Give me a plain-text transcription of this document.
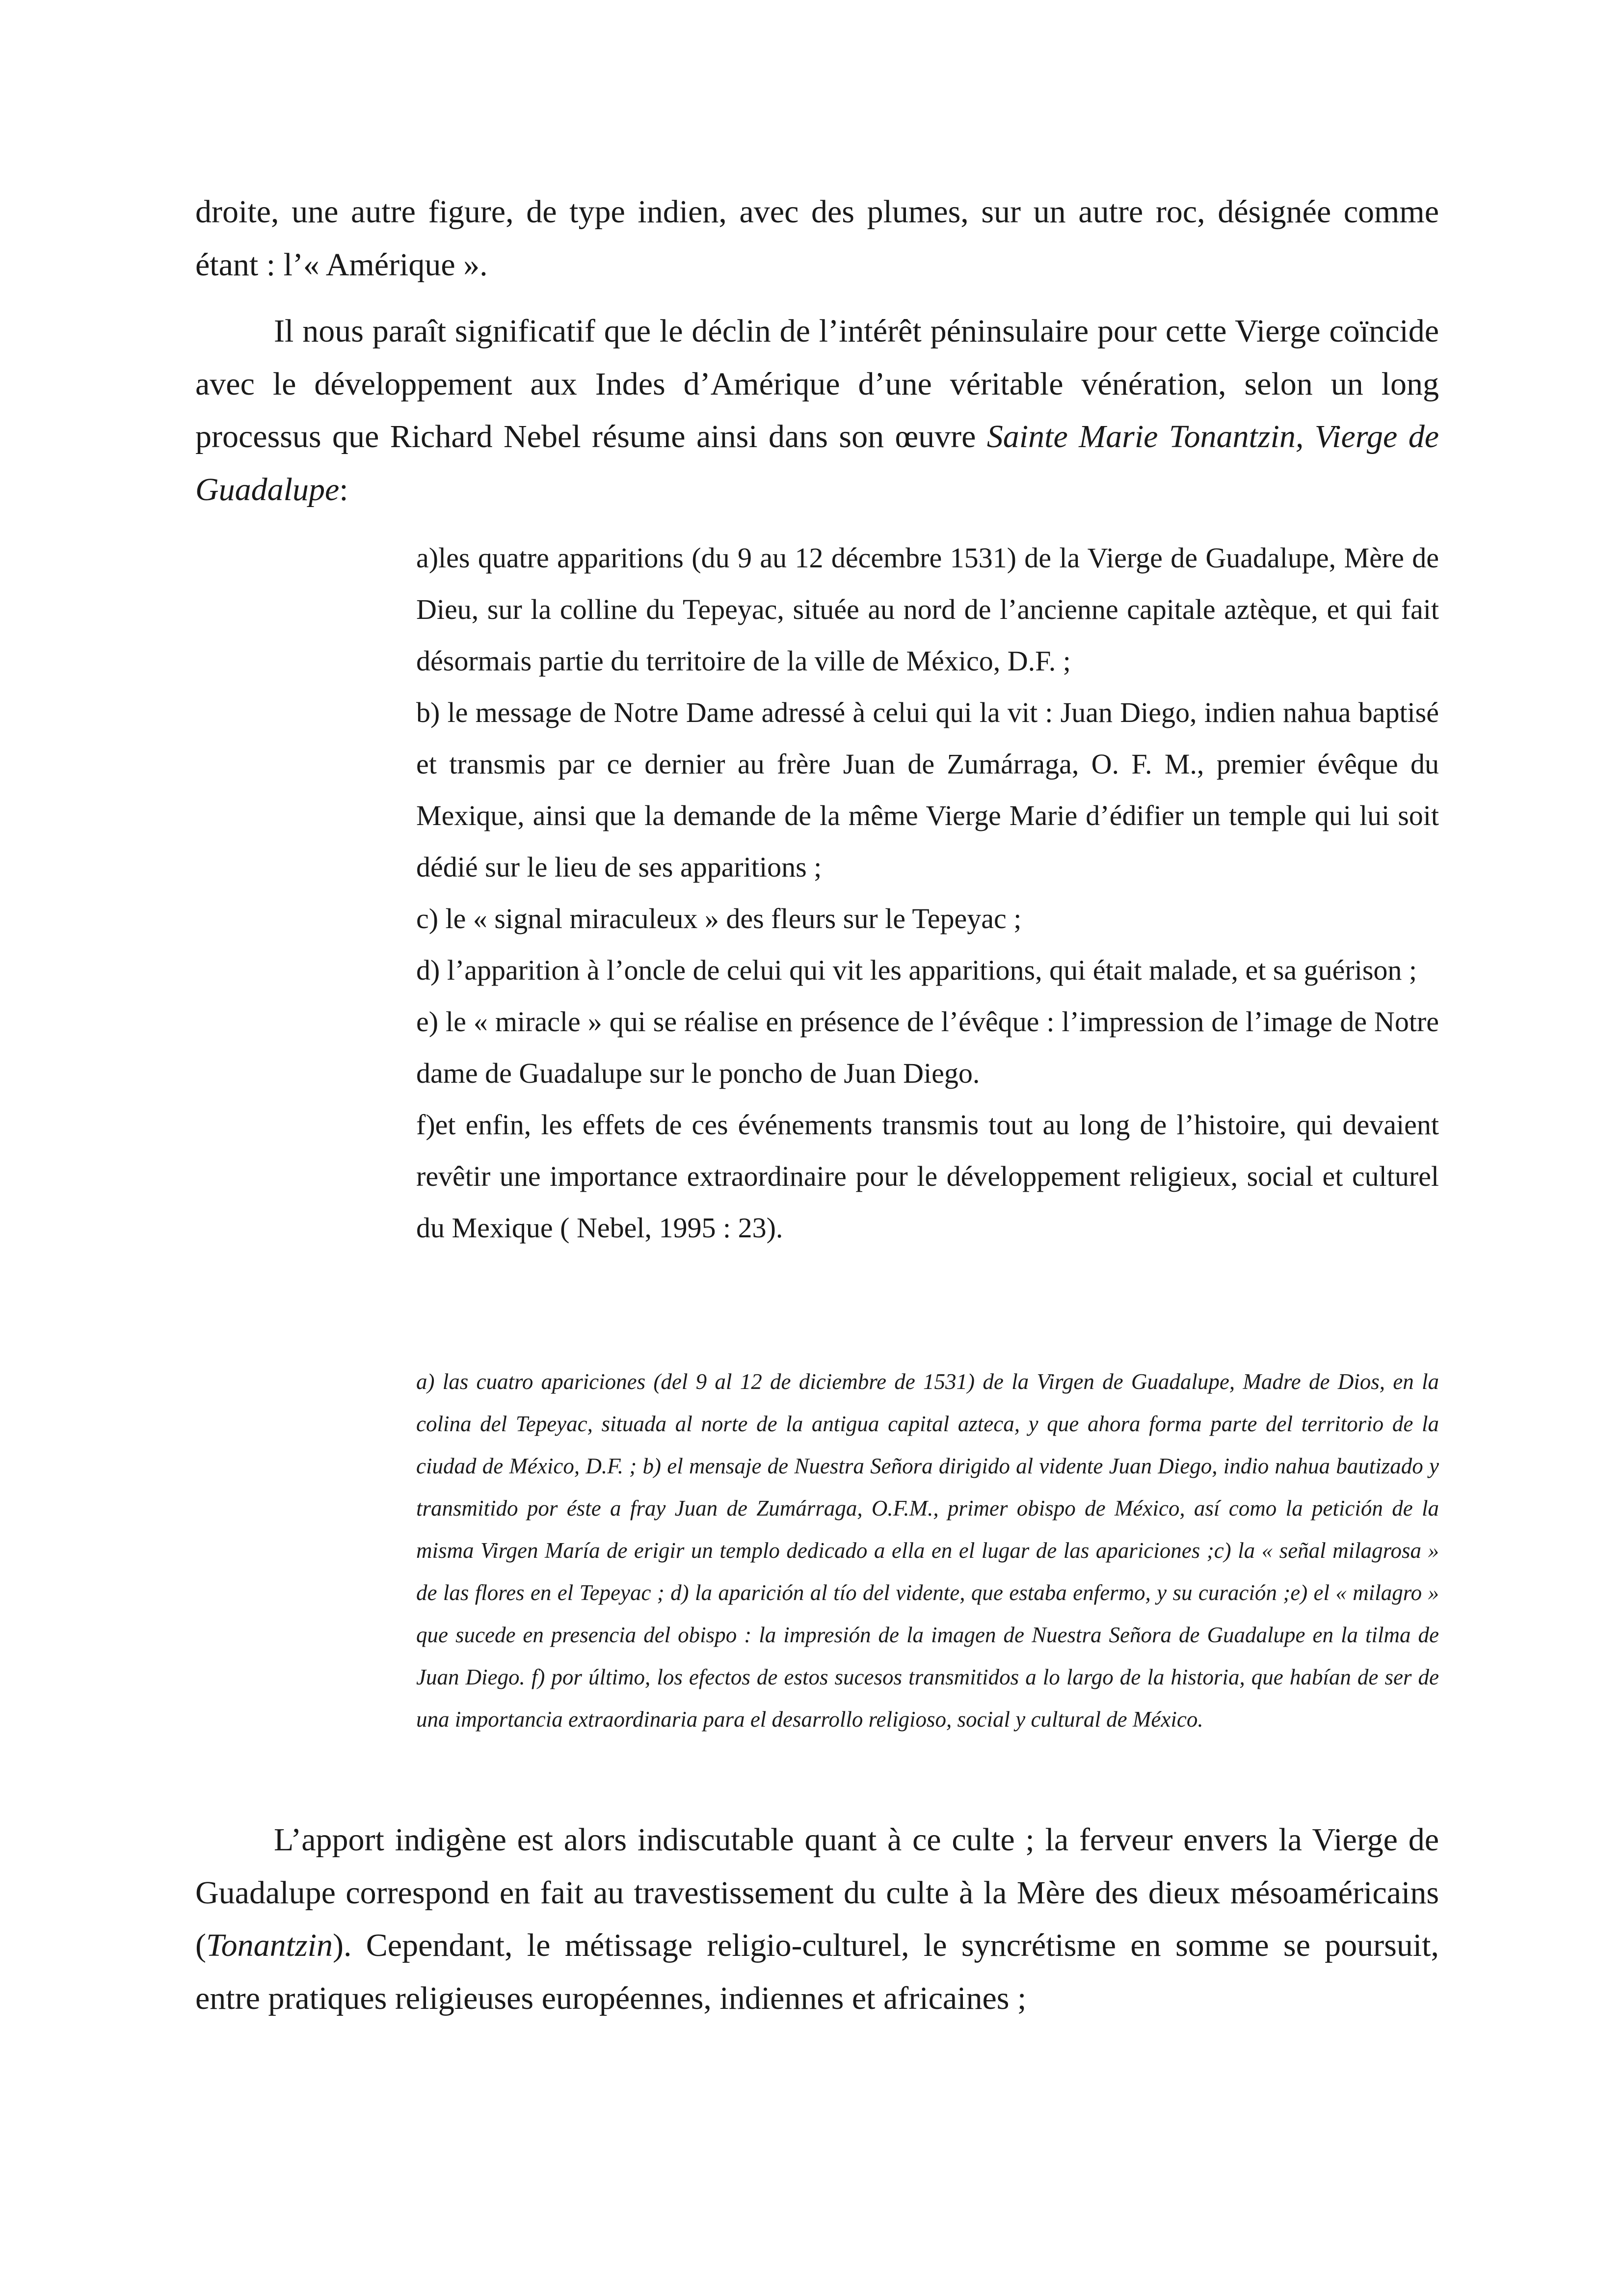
droite, une autre figure, de type indien, avec des plumes, sur un autre roc, désignée comme étant : l’« Amérique ».

Il nous paraît significatif que le déclin de l’intérêt péninsulaire pour cette Vierge coïncide avec le développement aux Indes d’Amérique d’une véritable vénération, selon un long processus que Richard Nebel résume ainsi dans son œuvre Sainte Marie Tonantzin, Vierge de Guadalupe:

a)les quatre apparitions (du 9 au 12 décembre 1531) de la Vierge de Guadalupe, Mère de Dieu, sur la colline du Tepeyac, située au nord de l’ancienne capitale aztèque, et qui fait désormais partie du territoire de la ville de México, D.F. ;

b) le message de Notre Dame adressé à celui qui la vit : Juan Diego, indien nahua baptisé et transmis par ce dernier au frère Juan de Zumárraga, O. F. M., premier évêque du Mexique, ainsi que la demande de la même Vierge Marie d’édifier un temple qui lui soit dédié sur le lieu de ses apparitions ;

c) le « signal miraculeux » des fleurs sur le Tepeyac ;

d) l’apparition à l’oncle de celui qui vit les apparitions, qui était malade, et sa guérison ;

e) le « miracle » qui se réalise en présence de l’évêque : l’impression de l’image de Notre dame de Guadalupe sur le poncho de Juan Diego.

f)et enfin, les effets de ces événements transmis tout au long de l’histoire, qui devaient revêtir une importance extraordinaire pour le développement religieux, social et culturel du Mexique ( Nebel, 1995 : 23).

a) las cuatro apariciones (del 9 al 12 de diciembre de 1531) de la Virgen de Guadalupe, Madre de Dios, en la colina del Tepeyac, situada al norte de la antigua capital azteca, y que ahora forma parte del territorio de la ciudad de México, D.F. ; b) el mensaje de Nuestra Señora dirigido al vidente Juan Diego, indio nahua bautizado y transmitido por éste a fray Juan de Zumárraga, O.F.M., primer obispo de México, así como la petición de la misma Virgen María de erigir un templo dedicado a ella en el lugar de las apariciones ;c) la « señal milagrosa » de las flores en el Tepeyac ; d) la aparición al tío del vidente, que estaba enfermo, y su curación ;e) el « milagro » que sucede en presencia del obispo : la impresión de la imagen de Nuestra Señora de Guadalupe en la tilma de Juan Diego. f) por último, los efectos de estos sucesos transmitidos a lo largo de la historia, que habían de ser de una importancia extraordinaria para el desarrollo religioso, social y cultural de México.

L’apport indigène est alors indiscutable quant à ce culte ; la ferveur envers la Vierge de Guadalupe correspond en fait au travestissement du culte à la Mère des dieux mésoaméricains (Tonantzin). Cependant, le métissage religio-culturel, le syncrétisme en somme se poursuit, entre pratiques religieuses européennes, indiennes et africaines ;
